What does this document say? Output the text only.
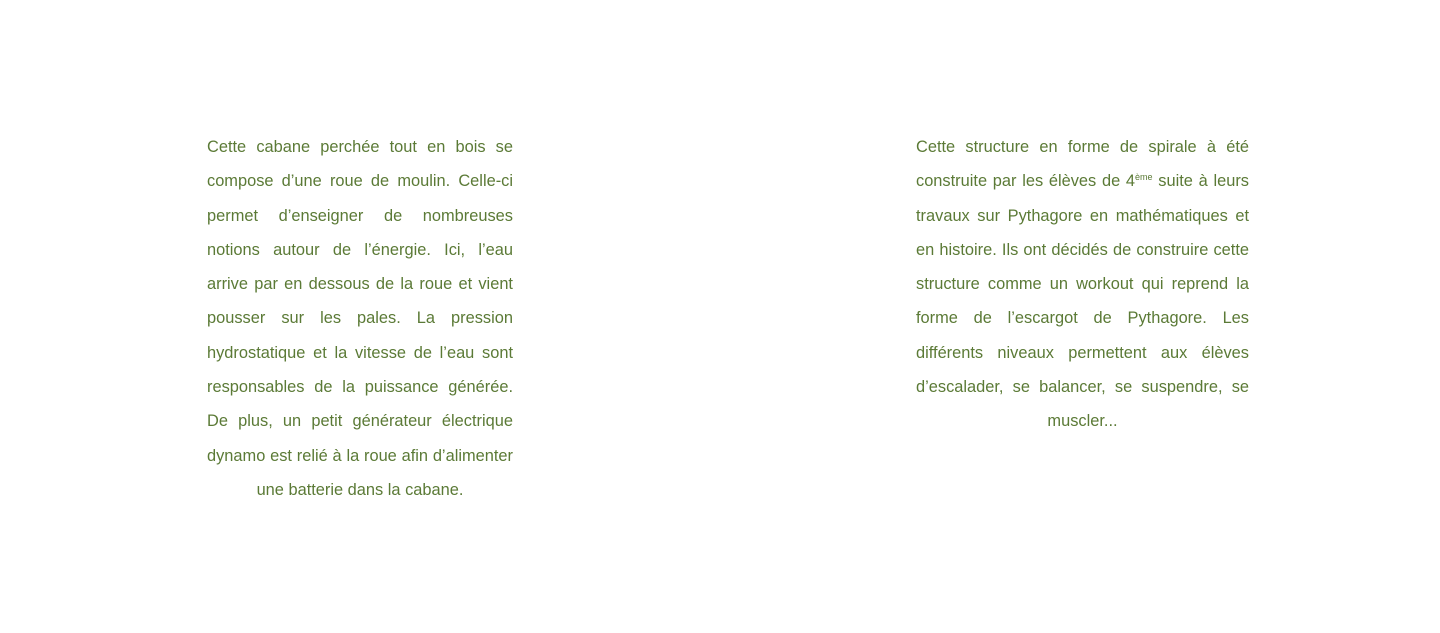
Cette cabane perchée tout en bois se compose d’une roue de moulin. Celle-ci permet d’enseigner de nombreuses notions autour de l’énergie. Ici, l’eau arrive par en dessous de la roue et vient pousser sur les pales. La pression hydrostatique et la vitesse de l’eau sont responsables de la puissance générée. De plus, un petit générateur électrique dynamo est relié à la roue afin d’alimenter une batterie dans la cabane.
Cette structure en forme de spirale à été construite par les élèves de 4ème suite à leurs travaux sur Pythagore en mathématiques et en histoire. Ils ont décidés de construire cette structure comme un workout qui reprend la forme de l’escargot de Pythagore. Les différents niveaux permettent aux élèves d’escalader, se balancer, se suspendre, se muscler...
